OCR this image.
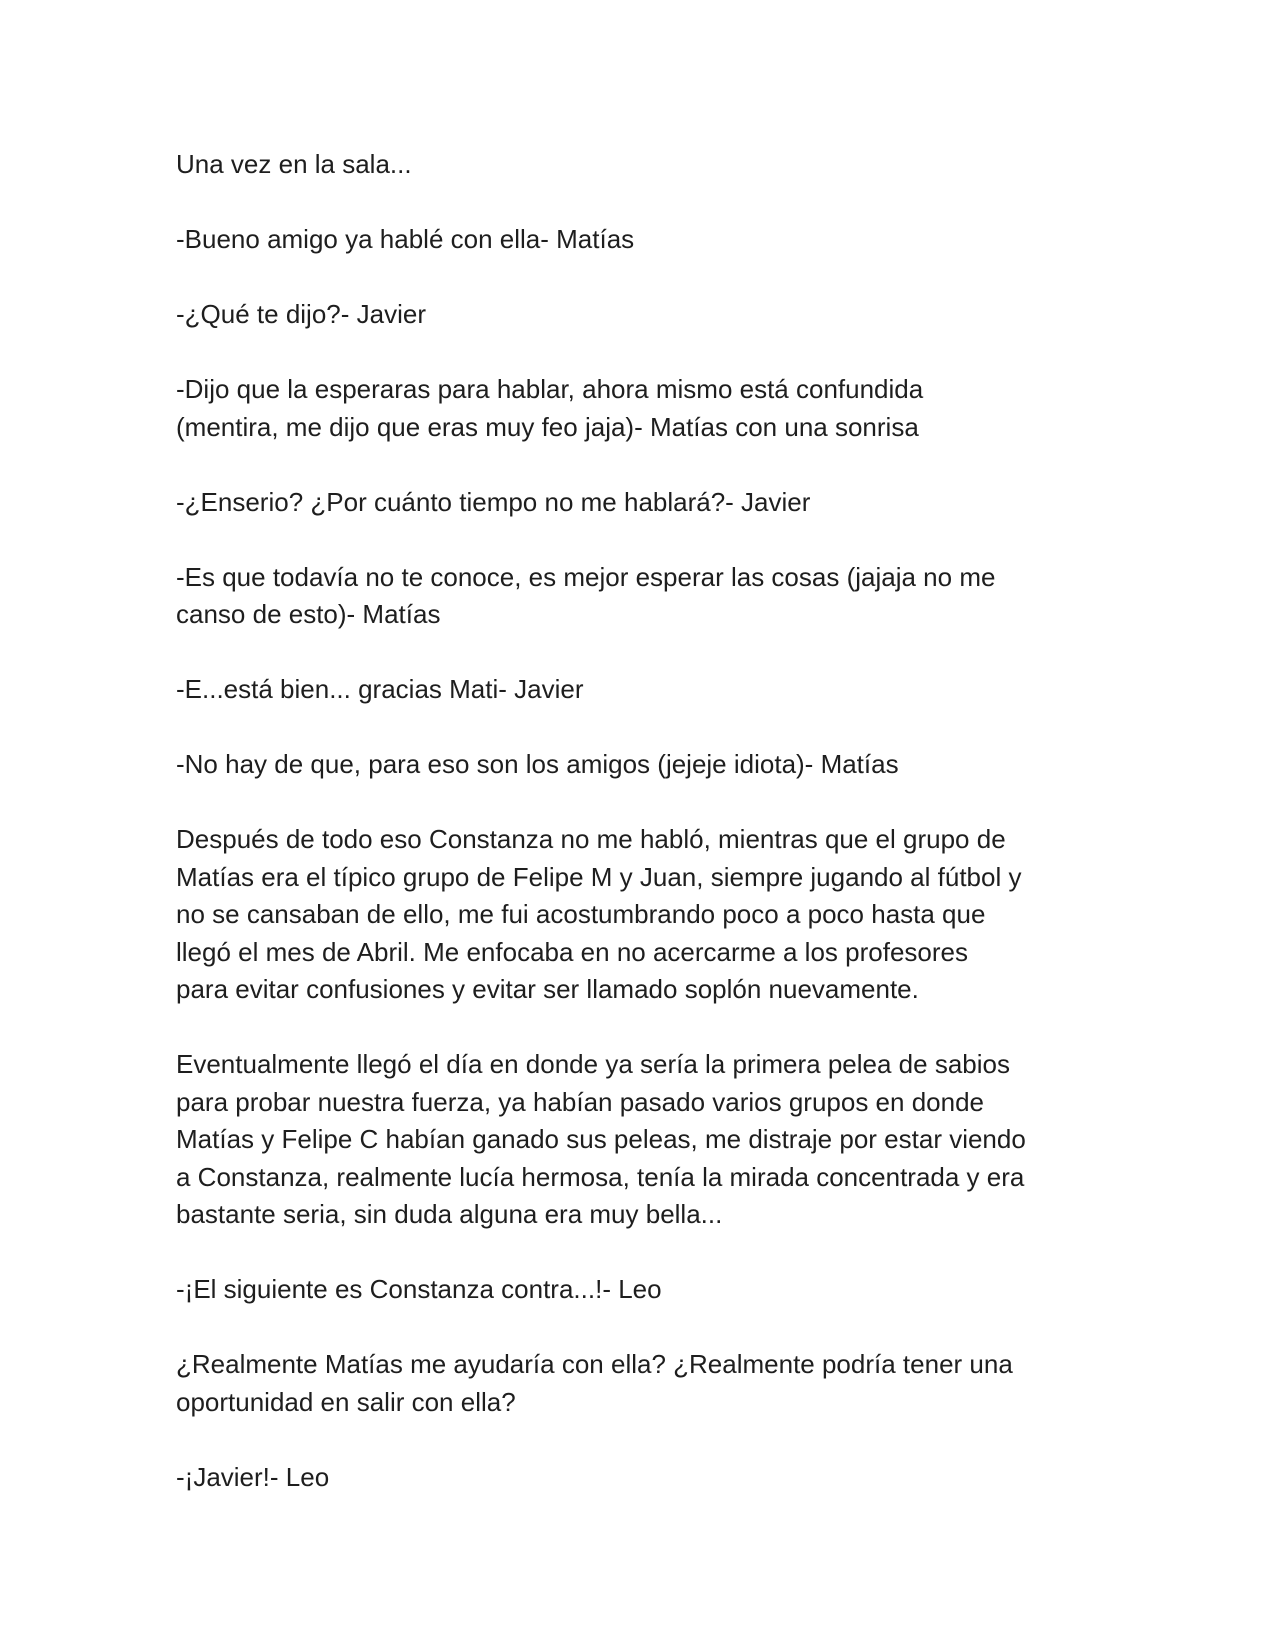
Una vez en la sala...

-Bueno amigo ya hablé con ella- Matías

-¿Qué te dijo?- Javier

-Dijo que la esperaras para hablar, ahora mismo está confundida
(mentira, me dijo que eras muy feo jaja)- Matías con una sonrisa

-¿Enserio? ¿Por cuánto tiempo no me hablará?- Javier

-Es que todavía no te conoce, es mejor esperar las cosas (jajaja no me
canso de esto)- Matías

-E...está bien... gracias Mati- Javier

-No hay de que, para eso son los amigos (jejeje idiota)- Matías

Después de todo eso Constanza no me habló, mientras que el grupo de
Matías era el típico grupo de Felipe M y Juan, siempre jugando al fútbol y
no se cansaban de ello, me fui acostumbrando poco a poco hasta que
llegó el mes de Abril. Me enfocaba en no acercarme a los profesores
para evitar confusiones y evitar ser llamado soplón nuevamente.

Eventualmente llegó el día en donde ya sería la primera pelea de sabios
para probar nuestra fuerza, ya habían pasado varios grupos en donde
Matías y Felipe C habían ganado sus peleas, me distraje por estar viendo
a Constanza, realmente lucía hermosa, tenía la mirada concentrada y era
bastante seria, sin duda alguna era muy bella...

-¡El siguiente es Constanza contra...!- Leo

¿Realmente Matías me ayudaría con ella? ¿Realmente podría tener una
oportunidad en salir con ella?

-¡Javier!- Leo
